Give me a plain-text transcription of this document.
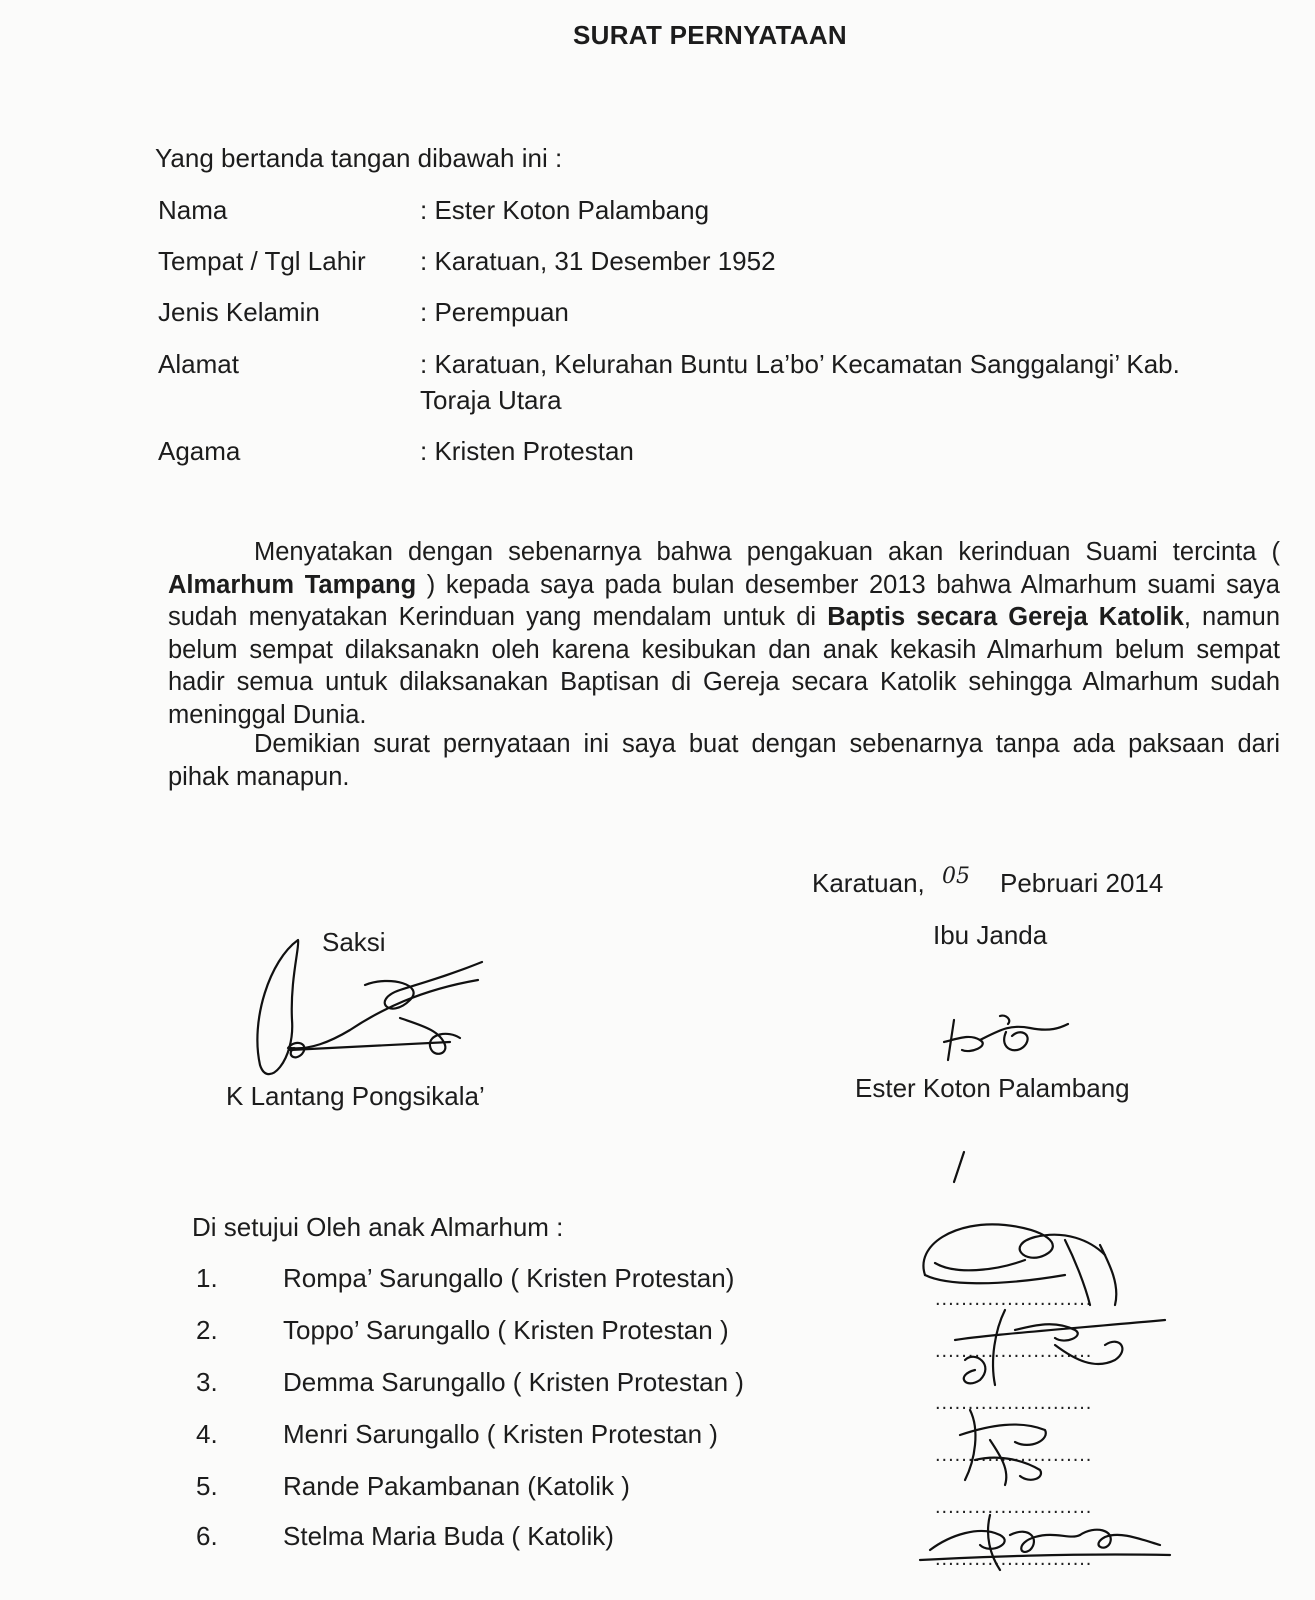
SURAT PERNYATAAN
Yang bertanda tangan dibawah ini :
Nama	: Ester Koton Palambang
Tempat / Tgl Lahir : Karatuan, 31 Desember 1952
Jenis Kelamin	: Perempuan
Alamat	: Karatuan, Kelurahan Buntu La’bo’ Kecamatan Sanggalangi’ Kab.
Toraja Utara
Agama	: Kristen Protestan
Menyatakan dengan sebenarnya bahwa pengakuan akan kerinduan Suami tercinta ( Almarhum Tampang ) kepada saya pada bulan desember 2013 bahwa Almarhum suami saya sudah menyatakan Kerinduan yang mendalam untuk di Baptis secara Gereja Katolik, namun belum sempat dilaksanakn oleh karena kesibukan dan anak kekasih Almarhum belum sempat hadir semua untuk dilaksanakan Baptisan di Gereja secara Katolik sehingga Almarhum sudah meninggal Dunia.
Demikian surat pernyataan ini saya buat dengan sebenarnya tanpa ada paksaan dari pihak manapun.
Karatuan, 05 Pebruari 2014
Saksi
K Lantang Pongsikala’
Ibu Janda
Ester Koton Palambang
Di setujui Oleh anak Almarhum :
1.	Rompa’ Sarungallo ( Kristen Protestan)
2.	Toppo’ Sarungallo ( Kristen Protestan )
3.	Demma Sarungallo ( Kristen Protestan )
4.	Menri Sarungallo ( Kristen Protestan )
5.	Rande Pakambanan (Katolik )
6.	Stelma Maria Buda ( Katolik)
........................
........................
........................
........................
........................
........................
